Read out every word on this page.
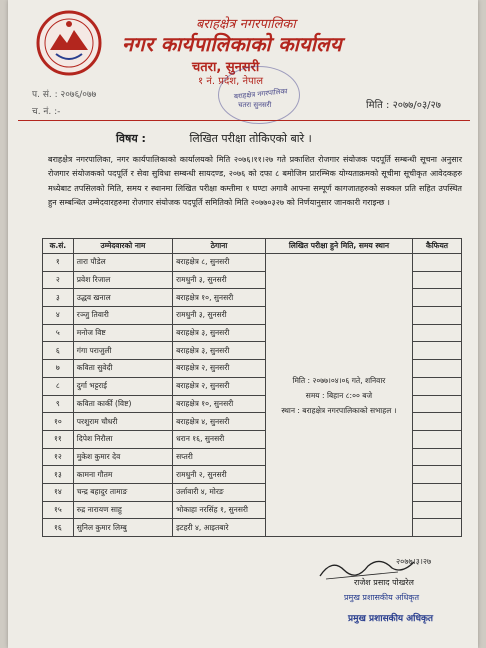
बराहक्षेत्र नगरपालिका
नगर कार्यपालिकाको कार्यालय
चतरा, सुनसरी
१ नं. प्रदेश, नेपाल
बराहक्षेत्र नगरपालिका
चतरा सुनसरी
प. सं. : २०७६/०७७
च. नं. :-
मिति : २०७७/०३/२७
विषय :	लिखित परीक्षा तोकिएको बारे ।
बराहक्षेत्र नगरपालिका, नगर कार्यपालिकाको कार्यालयको मिति २०७६।११।२७ गते प्रकाशित रोजगार संयोजक पदपूर्ति सम्बन्धी सूचना अनुसार रोजगार संयोजकको पदपूर्ति र सेवा सुविधा सम्बन्धी सायदण्ड, २०७६ को दफा ८ बमोजिम प्रारम्भिक योग्यताक्रमको सूचीमा सूचीकृत आवेदकहरु मध्येबाट तपसिलको मिति, समय र स्थानमा लिखित परीक्षा कम्तीमा १ घण्टा अगावै आफ्ना सम्पूर्ण कागजातहरुको सक्कल प्रति सहित उपस्थित हुन सम्बन्धित उम्मेदवारहरुमा रोजगार संयोजक पदपूर्ति समितिको मिति २०७७०३२७ को निर्णयानुसार जानकारी गराइन्छ ।
क.सं.	उम्मेदवारको नाम	ठेगाना	लिखित परीक्षा हुने मिति, समय स्थान	कैफियत
१	तारा पौडेल	बराहक्षेत्र ८, सुनसरी	मिति : २०७७।०४।०६ गते, शनिवार
समय : बिहान ८:०० बजे
स्थान : बराहक्षेत्र नगरपालिकाको सभाहल ।	

२	प्रवेश रिजाल	रामधुनी ३, सुनसरी		
३	उद्धव खनाल	बराहक्षेत्र १०, सुनसरी		
४	रञ्जु तिवारी	रामधुनी ३, सुनसरी		
५	मनोज विष्ट	बराहक्षेत्र ३, सुनसरी		
६	गंगा पराजुली	बराहक्षेत्र ३, सुनसरी		
७	कविता सुवेदी	बराहक्षेत्र २, सुनसरी		
८	दुर्गा भट्टराई	बराहक्षेत्र २, सुनसरी		
९	कविता कार्की (विष्ट)	बराहक्षेत्र १०, सुनसरी		
१०	परशुराम चौधरी	बराहक्षेत्र ४, सुनसरी		
११	दिपेश निरौला	धरान १६, सुनसरी		
१२	मुकेश कुमार देव	सप्तरी		
१३	कामना गौतम	रामधुनी २, सुनसरी		
१४	चन्द्र बहादुर तामाङ	उर्लावारी ४, मोरङ		
१५	रुद्र नारायण साहु	भोकाहा नरसिंह १, सुनसरी		
१६	सुनिल कुमार लिम्बु	इटहरी ४, आइतबारे		
२०७७।३।२७
राजेश प्रसाद पोखरेल
प्रमुख प्रशासकीय अधिकृत
प्रमुख प्रशासकीय अधिकृत
